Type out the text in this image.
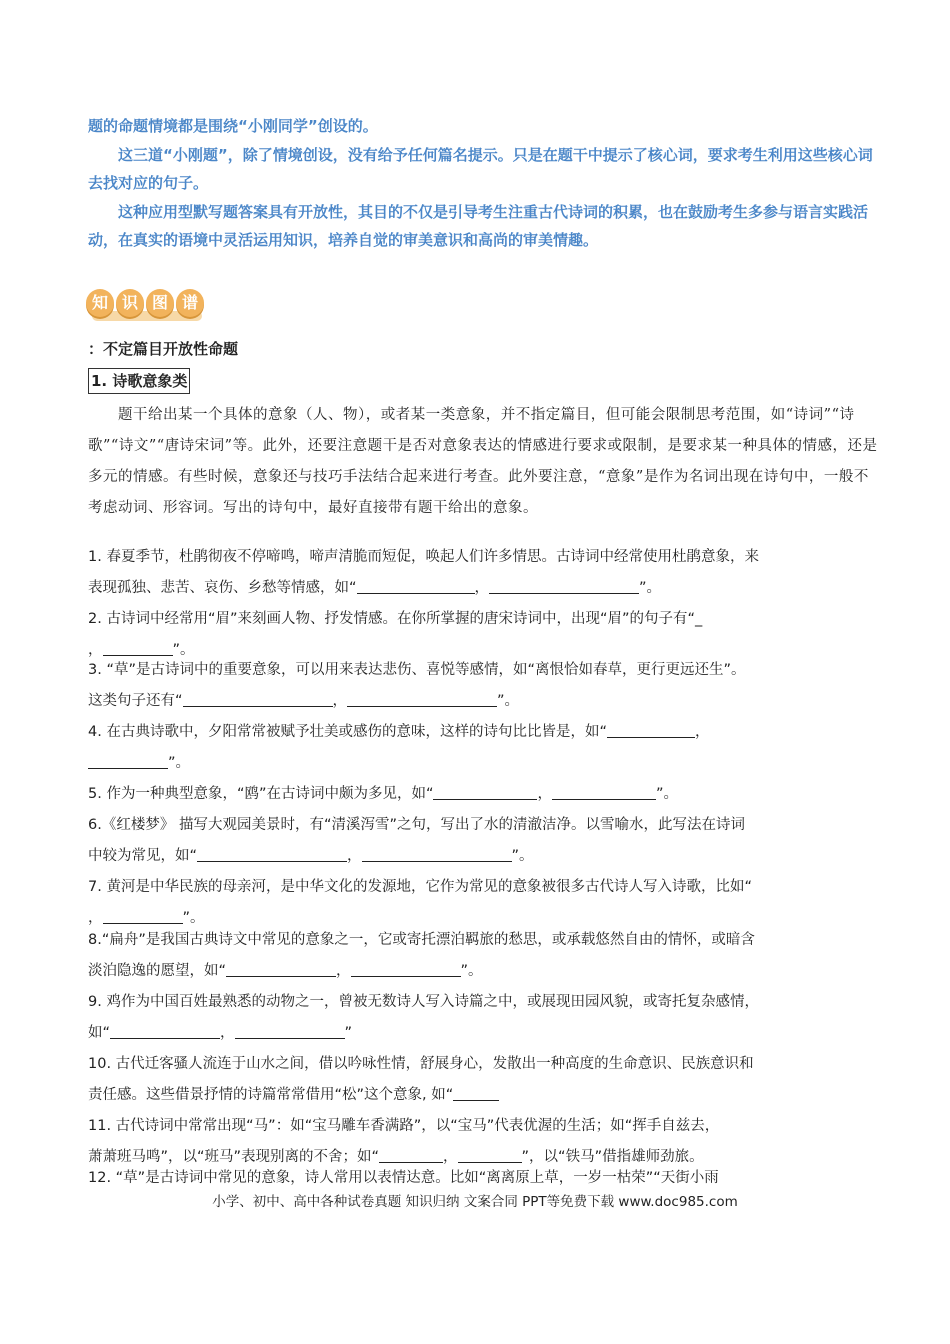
题的命题情境都是围绕“小刚同学”创设的。
这三道“小刚题”，除了情境创设，没有给予任何篇名提示。只是在题干中提示了核心词，要求考生利用这些核心词去找对应的句子。
这种应用型默写题答案具有开放性，其目的不仅是引导考生注重古代诗词的积累，也在鼓励考生多参与语言实践活动，在真实的语境中灵活运用知识，培养自觉的审美意识和高尚的审美情趣。
知 识 图 谱
：不定篇目开放性命题
1. 诗歌意象类
题干给出某一个具体的意象（人、物），或者某一类意象，并不指定篇目，但可能会限制思考范围，如“诗词”“诗歌”“诗文”“唐诗宋词”等。此外，还要注意题干是否对意象表达的情感进行要求或限制，是要求某一种具体的情感，还是多元的情感。有些时候，意象还与技巧手法结合起来进行考查。此外要注意，“意象”是作为名词出现在诗句中，一般不考虑动词、形容词。写出的诗句中，最好直接带有题干给出的意象。
1. 春夏季节，杜鹃彻夜不停啼鸣，啼声清脆而短促，唤起人们许多情思。古诗词中经常使用杜鹃意象，来
表现孤独、悲苦、哀伤、乡愁等情感，如“	，	”。
2. 古诗词中经常用“眉”来刻画人物、抒发情感。在你所掌握的唐宋诗词中，出现“眉”的句子有“_
，	”。
3. “草”是古诗词中的重要意象，可以用来表达悲伤、喜悦等感情，如“离恨恰如春草，更行更远还生”。
这类句子还有“	，	”。
4. 在古典诗歌中，夕阳常常被赋予壮美或感伤的意味，这样的诗句比比皆是，如“	，
”。
5. 作为一种典型意象，“鸥”在古诗词中颇为多见，如“	，	”。
6.《红楼梦》 描写大观园美景时，有“清溪泻雪”之句，写出了水的清澈洁净。以雪喻水，此写法在诗词
中较为常见，如“	，	”。
7. 黄河是中华民族的母亲河，是中华文化的发源地，它作为常见的意象被很多古代诗人写入诗歌，比如“
，	”。
8.“扁舟”是我国古典诗文中常见的意象之一，它或寄托漂泊羁旅的愁思，或承载悠然自由的情怀，或暗含
淡泊隐逸的愿望，如“	，	”。
9. 鸡作为中国百姓最熟悉的动物之一，曾被无数诗人写入诗篇之中，或展现田园风貌，或寄托复杂感情，
如“	，	”
10. 古代迁客骚人流连于山水之间，借以吟咏性情，舒展身心，发散出一种高度的生命意识、民族意识和
责任感。这些借景抒情的诗篇常常借用“松”这个意象, 如“
11. 古代诗词中常常出现“马”：如“宝马雕车香满路”，以“宝马”代表优渥的生活；如“挥手自兹去，
萧萧班马鸣”，以“班马”表现别离的不舍；如“	，	”，以“铁马”借指雄师劲旅。
12. “草”是古诗词中常见的意象，诗人常用以表情达意。比如“离离原上草，一岁一枯荣”“天街小雨
小学、初中、高中各种试卷真题 知识归纳 文案合同 PPT等免费下载 www.doc985.com
